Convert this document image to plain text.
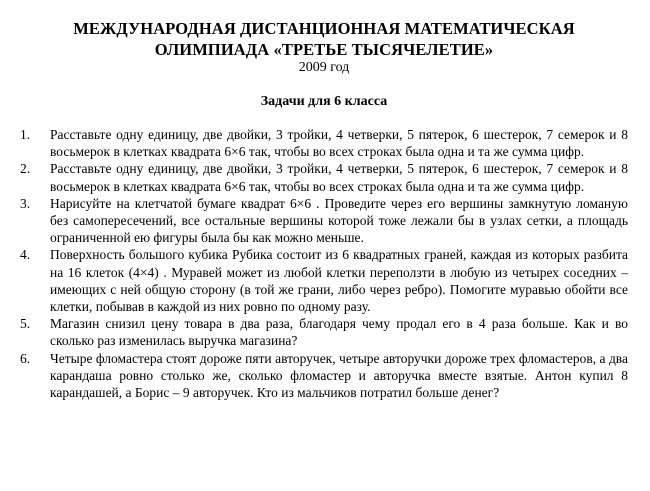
МЕЖДУНАРОДНАЯ ДИСТАНЦИОННАЯ МАТЕМАТИЧЕСКАЯ
ОЛИМПИАДА «ТРЕТЬЕ ТЫСЯЧЕЛЕТИЕ»

2009 год

Задачи для 6 класса

1.	Расставьте одну единицу, две двойки, 3 тройки, 4 четверки, 5 пятерок, 6 шестерок, 7 семерок и 8 восьмерок в клетках квадрата 6×6 так, чтобы во всех строках была одна и та же сумма цифр.
2.	Расставьте одну единицу, две двойки, 3 тройки, 4 четверки, 5 пятерок, 6 шестерок, 7 семерок и 8 восьмерок в клетках квадрата 6×6 так, чтобы во всех строках была одна и та же сумма цифр.
3.	Нарисуйте на клетчатой бумаге квадрат 6×6 . Проведите через его вершины замкнутую ломаную без самопересечений, все остальные вершины которой тоже лежали бы в узлах сетки, а площадь ограниченной ею фигуры была бы как можно меньше.
4.	Поверхность большого кубика Рубика состоит из 6 квадратных граней, каждая из которых разбита на 16 клеток (4×4) . Муравей может из любой клетки переползти в любую из четырех соседних – имеющих с ней общую сторону (в той же грани, либо через ребро). Помогите муравью обойти все клетки, побывав в каждой из них ровно по одному разу.
5.	Магазин снизил цену товара в два раза, благодаря чему продал его в 4 раза больше. Как и во сколько раз изменилась выручка магазина?
6.	Четыре фломастера стоят дороже пяти авторучек, четыре авторучки дороже трех фломастеров, а два карандаша ровно столько же, сколько фломастер и авторучка вместе взятые. Антон купил 8 карандашей, а Борис – 9 авторучек. Кто из мальчиков потратил больше денег?
